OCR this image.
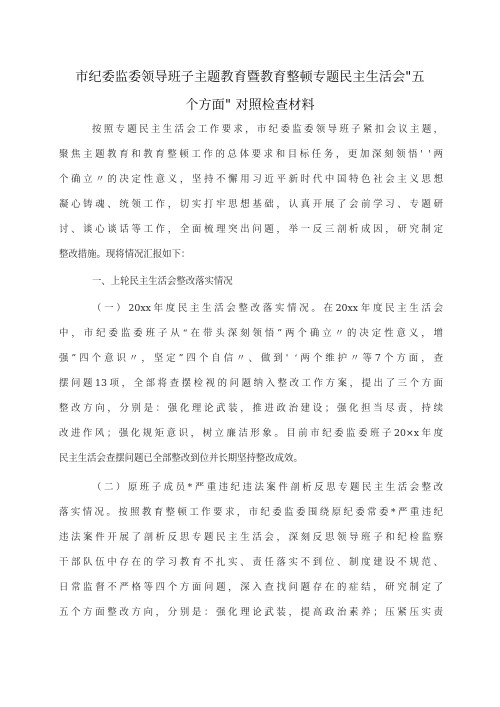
市纪委监委领导班子主题教育暨教育整顿专题民主生活会"五
个方面" 对照检查材料
按照专题民主生活会工作要求，市纪委监委领导班子紧扣会议主题，
聚焦主题教育和教育整顿工作的总体要求和目标任务，更加深刻领悟' '两
个确立〃的决定性意义，坚持不懈用习近平新时代中国特色社会主义思想
凝心铸魂、统领工作，切实打牢思想基础，认真开展了会前学习、专题研
讨、谈心谈话等工作，全面梳理突出问题，举一反三剖析成因，研究制定
整改措施。现将情况汇报如下：
一、上轮民主生活会整改落实情况
（一）20xx年度民主生活会整改落实情况。在20xx年度民主生活会
中，市纪委监委班子从“在带头深刻领悟”两个确立〃的决定性意义，增
强”四个意识〃，坚定”四个自信〃、做到' ‘两个维护〃等7个方面，查
摆问题13项，全部将查摆检视的问题纳入整改工作方案，提出了三个方面
整改方向，分别是：强化理论武装，推进政治建设；强化担当尽责，持续
改进作风；强化规矩意识，树立廉洁形象。目前市纪委监委班子20×x年度
民主生活会查摆问题已全部整改到位并长期坚持整改成效。
（二）原班子成员*严重违纪违法案件剖析反思专题民主生活会整改
落实情况。按照教育整顿工作要求，市纪委监委围绕原纪委常委*严重违纪
违法案件开展了剖析反思专题民主生活会，深刻反思领导班子和纪检监察
干部队伍中存在的学习教育不扎实、责任落实不到位、制度建设不规范、
日常监督不严格等四个方面问题，深入查找问题存在的症结，研究制定了
五个方面整改方向，分别是：强化理论武装，提高政治素养；压紧压实责
